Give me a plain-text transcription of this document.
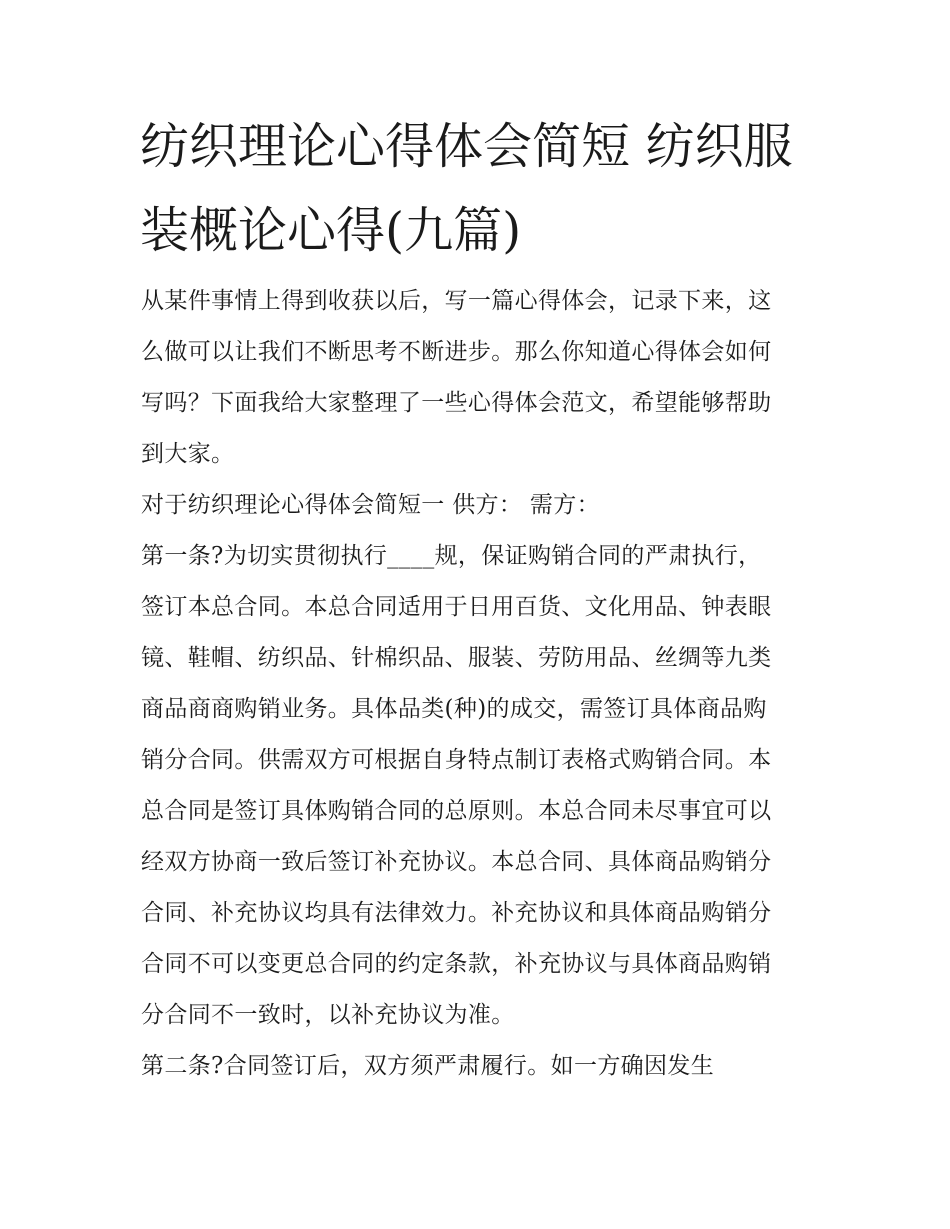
纺织理论心得体会简短 纺织服
装概论心得(九篇)
从某件事情上得到收获以后，写一篇心得体会，记录下来，这
么做可以让我们不断思考不断进步。那么你知道心得体会如何
写吗？下面我给大家整理了一些心得体会范文，希望能够帮助
到大家。
对于纺织理论心得体会简短一 供方： 需方：
第一条?为切实贯彻执行____规，保证购销合同的严肃执行，
签订本总合同。本总合同适用于日用百货、文化用品、钟表眼
镜、鞋帽、纺织品、针棉织品、服装、劳防用品、丝绸等九类
商品商商购销业务。具体品类(种)的成交，需签订具体商品购
销分合同。供需双方可根据自身特点制订表格式购销合同。本
总合同是签订具体购销合同的总原则。本总合同未尽事宜可以
经双方协商一致后签订补充协议。本总合同、具体商品购销分
合同、补充协议均具有法律效力。补充协议和具体商品购销分
合同不可以变更总合同的约定条款，补充协议与具体商品购销
分合同不一致时，以补充协议为准。
第二条?合同签订后，双方须严肃履行。如一方确因发生
